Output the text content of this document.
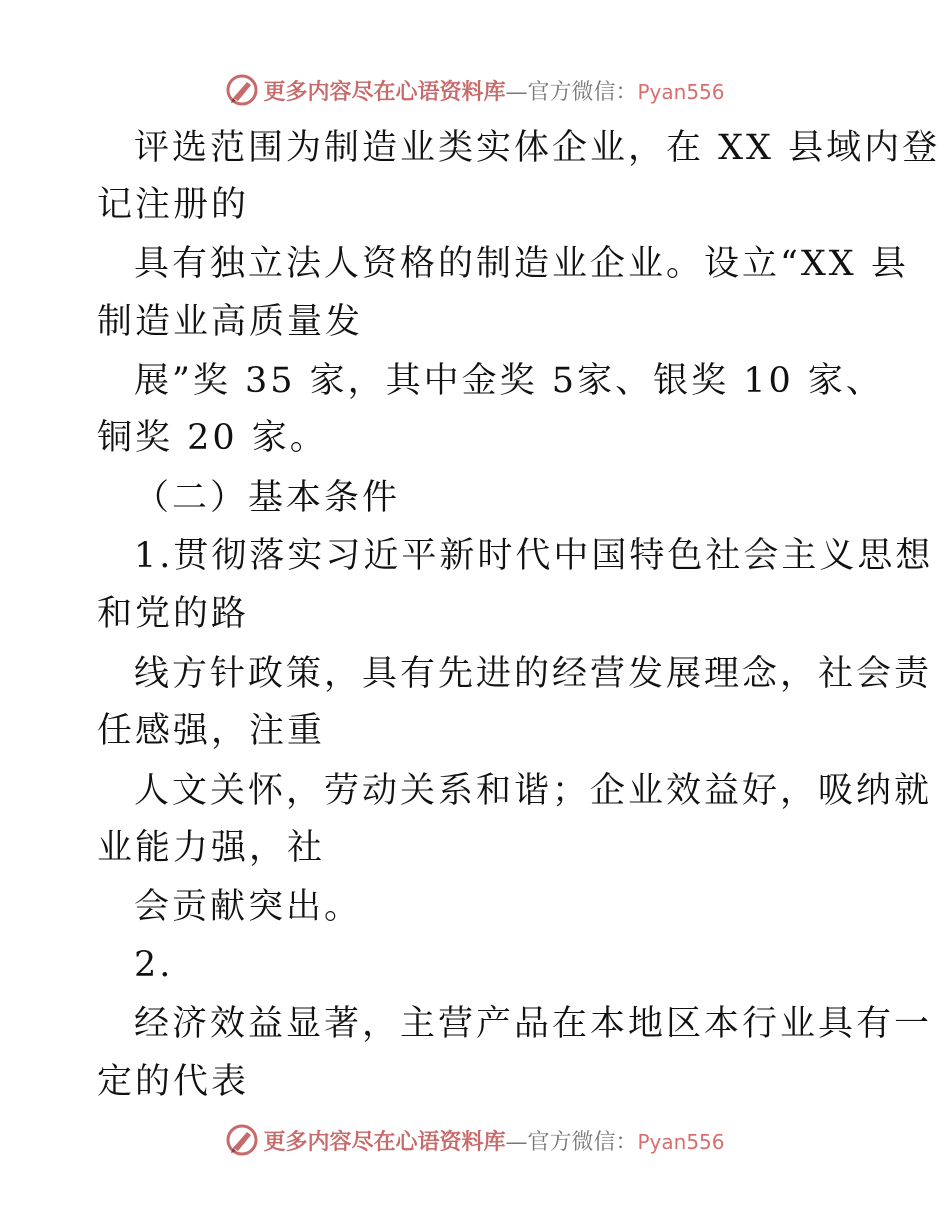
更多内容尽在心语资料库—官方微信：Pyan556
评选范围为制造业类实体企业，在 XX 县域内登
记注册的
具有独立法人资格的制造业企业。设立“XX 县
制造业高质量发
展”奖 35 家，其中金奖 5家、银奖 10 家、
铜奖 20 家。
（二）基本条件
1.贯彻落实习近平新时代中国特色社会主义思想
和党的路
线方针政策，具有先进的经营发展理念，社会责
任感强，注重
人文关怀，劳动关系和谐；企业效益好，吸纳就
业能力强，社
会贡献突出。
2.
经济效益显著，主营产品在本地区本行业具有一
定的代表
更多内容尽在心语资料库—官方微信：Pyan556
